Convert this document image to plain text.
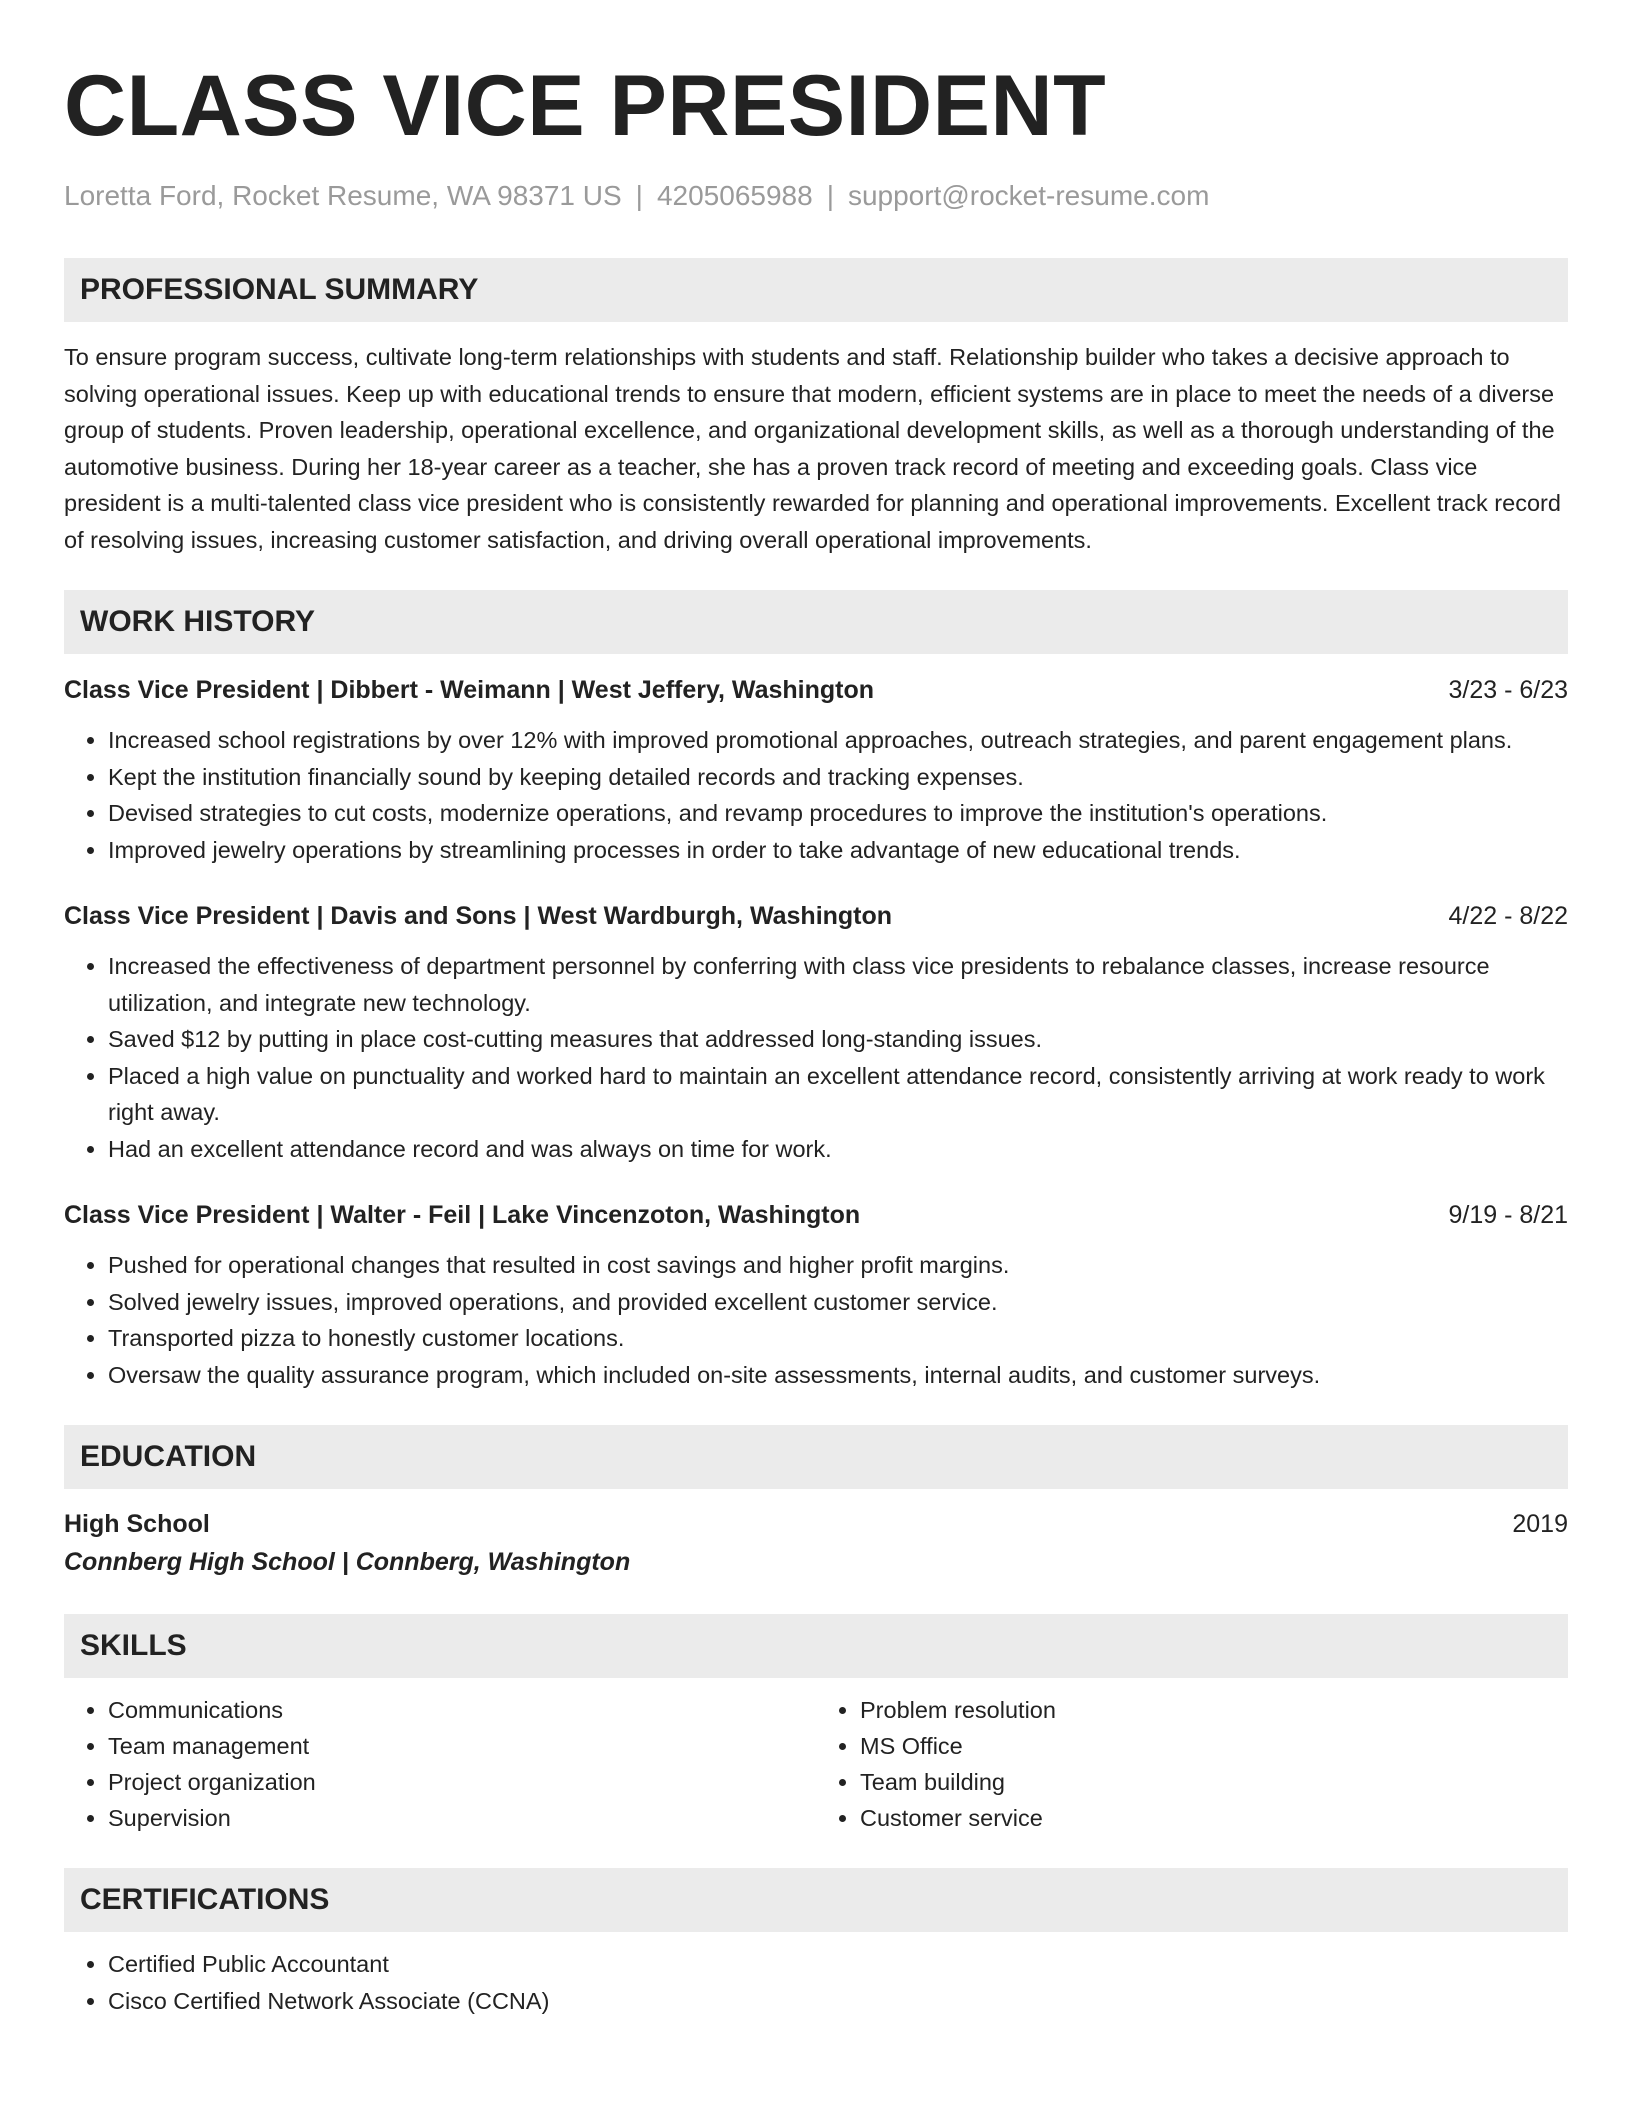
CLASS VICE PRESIDENT
Loretta Ford, Rocket Resume, WA 98371 US | 4205065988 | support@rocket-resume.com
PROFESSIONAL SUMMARY
To ensure program success, cultivate long-term relationships with students and staff. Relationship builder who takes a decisive approach to solving operational issues. Keep up with educational trends to ensure that modern, efficient systems are in place to meet the needs of a diverse group of students. Proven leadership, operational excellence, and organizational development skills, as well as a thorough understanding of the automotive business. During her 18-year career as a teacher, she has a proven track record of meeting and exceeding goals. Class vice president is a multi-talented class vice president who is consistently rewarded for planning and operational improvements. Excellent track record of resolving issues, increasing customer satisfaction, and driving overall operational improvements.
WORK HISTORY
Class Vice President | Dibbert - Weimann | West Jeffery, Washington	3/23 - 6/23
• Increased school registrations by over 12% with improved promotional approaches, outreach strategies, and parent engagement plans.
• Kept the institution financially sound by keeping detailed records and tracking expenses.
• Devised strategies to cut costs, modernize operations, and revamp procedures to improve the institution's operations.
• Improved jewelry operations by streamlining processes in order to take advantage of new educational trends.
Class Vice President | Davis and Sons | West Wardburgh, Washington	4/22 - 8/22
• Increased the effectiveness of department personnel by conferring with class vice presidents to rebalance classes, increase resource utilization, and integrate new technology.
• Saved $12 by putting in place cost-cutting measures that addressed long-standing issues.
• Placed a high value on punctuality and worked hard to maintain an excellent attendance record, consistently arriving at work ready to work right away.
• Had an excellent attendance record and was always on time for work.
Class Vice President | Walter - Feil | Lake Vincenzoton, Washington	9/19 - 8/21
• Pushed for operational changes that resulted in cost savings and higher profit margins.
• Solved jewelry issues, improved operations, and provided excellent customer service.
• Transported pizza to honestly customer locations.
• Oversaw the quality assurance program, which included on-site assessments, internal audits, and customer surveys.
EDUCATION
High School	2019
Connberg High School | Connberg, Washington
SKILLS
• Communications
• Team management
• Project organization
• Supervision
• Problem resolution
• MS Office
• Team building
• Customer service
CERTIFICATIONS
• Certified Public Accountant
• Cisco Certified Network Associate (CCNA)
